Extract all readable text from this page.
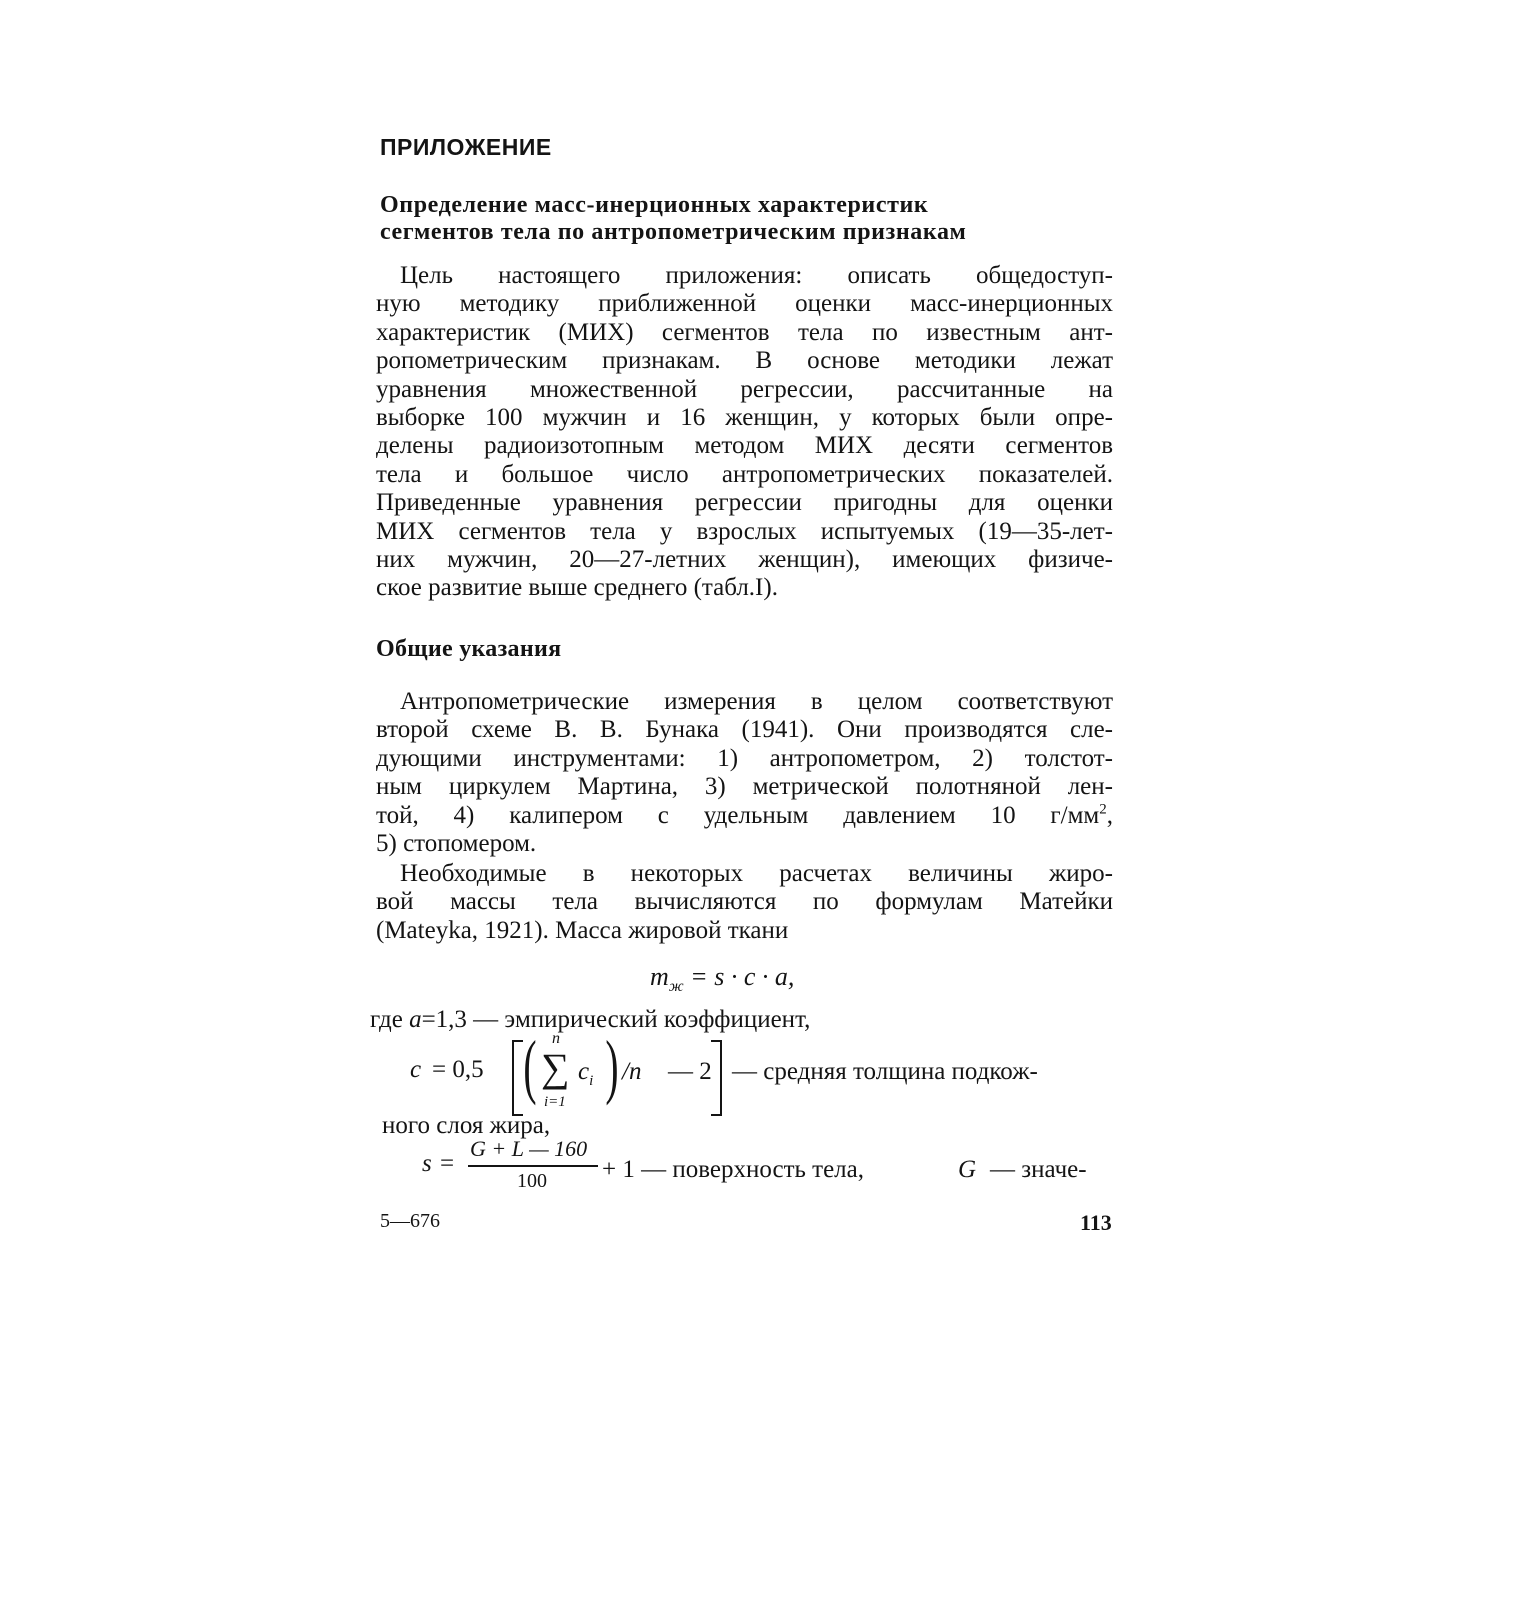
ПРИЛОЖЕНИЕ
Определение масс-инерционных характеристик
сегментов тела по антропометрическим признакам

Цель настоящего приложения: описать общедоступ-
ную методику приближенной оценки масс-инерционных
характеристик (МИХ) сегментов тела по известным ант-
ропометрическим признакам. В основе методики лежат
уравнения множественной регрессии, рассчитанные на
выборке 100 мужчин и 16 женщин, у которых были опре-
делены радиоизотопным методом МИХ десяти сегментов
тела и большое число антропометрических показателей.
Приведенные уравнения регрессии пригодны для оценки
МИХ сегментов тела у взрослых испытуемых (19—35-лет-
них мужчин, 20—27-летних женщин), имеющих физиче-
ское развитие выше среднего (табл.I).

Общие указания

Антропометрические измерения в целом соответствуют
второй схеме В. В. Бунака (1941). Они производятся сле-
дующими инструментами: 1) антропометром, 2) толстот-
ным циркулем Мартина, 3) метрической полотняной лен-
той, 4) калипером с удельным давлением 10 $г/мм^2$,
5) стопомером.

Необходимые в некоторых расчетах величины жиро-
вой массы тела вычисляются по формулам Матейки
(Mateyka, 1921). Масса жировой ткани

$m_ж = s \cdot c \cdot a$,
где a=1,3 — эмпирический коэффициент,
c = 0,5 ( n
∑
i=1
$c_i$ ) /n — 2 — средняя толщина подкож-
ного слоя жира,
s =
G + L — 160
100 + 1 — поверхность тела,	G — значе-
5—676	113
